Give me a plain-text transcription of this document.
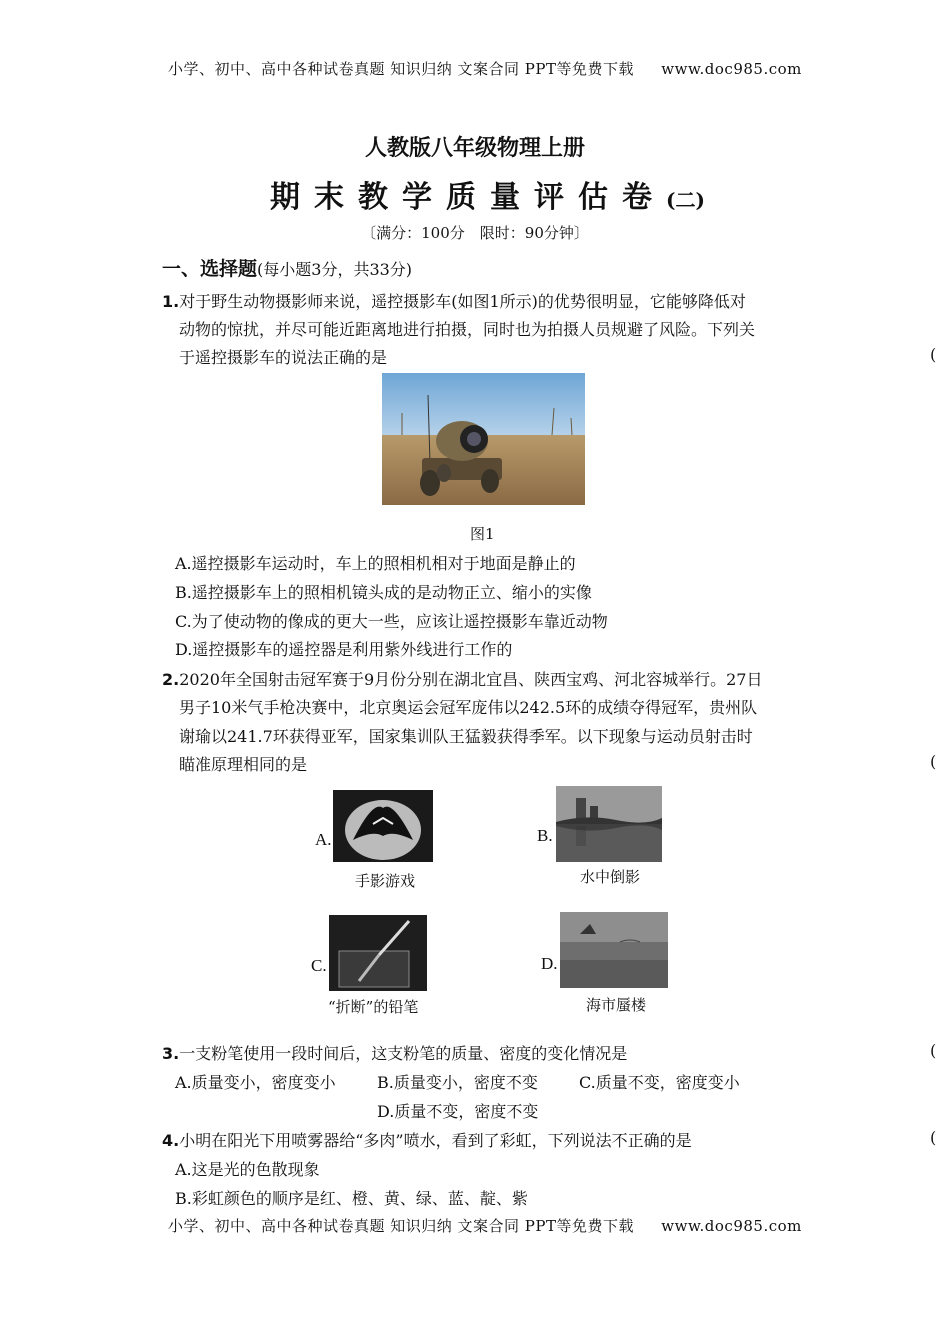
小学、初中、高中各种试卷真题 知识归纳 文案合同 PPT等免费下载 www.doc985.com
人教版八年级物理上册
期末教学质量评估卷(二)
〔满分：100分　限时：90分钟〕
一、选择题(每小题3分，共33分)
1.对于野生动物摄影师来说，遥控摄影车(如图1所示)的优势很明显，它能够降低对
动物的惊扰，并尽可能近距离地进行拍摄，同时也为拍摄人员规避了风险。下列关
于遥控摄影车的说法正确的是	(
图1
A.遥控摄影车运动时，车上的照相机相对于地面是静止的
B.遥控摄影车上的照相机镜头成的是动物正立、缩小的实像
C.为了使动物的像成的更大一些，应该让遥控摄影车靠近动物
D.遥控摄影车的遥控器是利用紫外线进行工作的
2.2020年全国射击冠军赛于9月份分别在湖北宜昌、陕西宝鸡、河北容城举行。27日
男子10米气手枪决赛中，北京奥运会冠军庞伟以242.5环的成绩夺得冠军，贵州队
谢瑜以241.7环获得亚军，国家集训队王猛毅获得季军。以下现象与运动员射击时
瞄准原理相同的是	(
A.
手影游戏
B.
水中倒影
C.
“折断”的铅笔
D.
海市蜃楼
3.一支粉笔使用一段时间后，这支粉笔的质量、密度的变化情况是	(
A.质量变小，密度变小	B.质量变小，密度不变	C.质量不变，密度变小
D.质量不变，密度不变
4.小明在阳光下用喷雾器给“多肉”喷水，看到了彩虹，下列说法不正确的是	(
A.这是光的色散现象
B.彩虹颜色的顺序是红、橙、黄、绿、蓝、靛、紫
小学、初中、高中各种试卷真题 知识归纳 文案合同 PPT等免费下载 www.doc985.com
